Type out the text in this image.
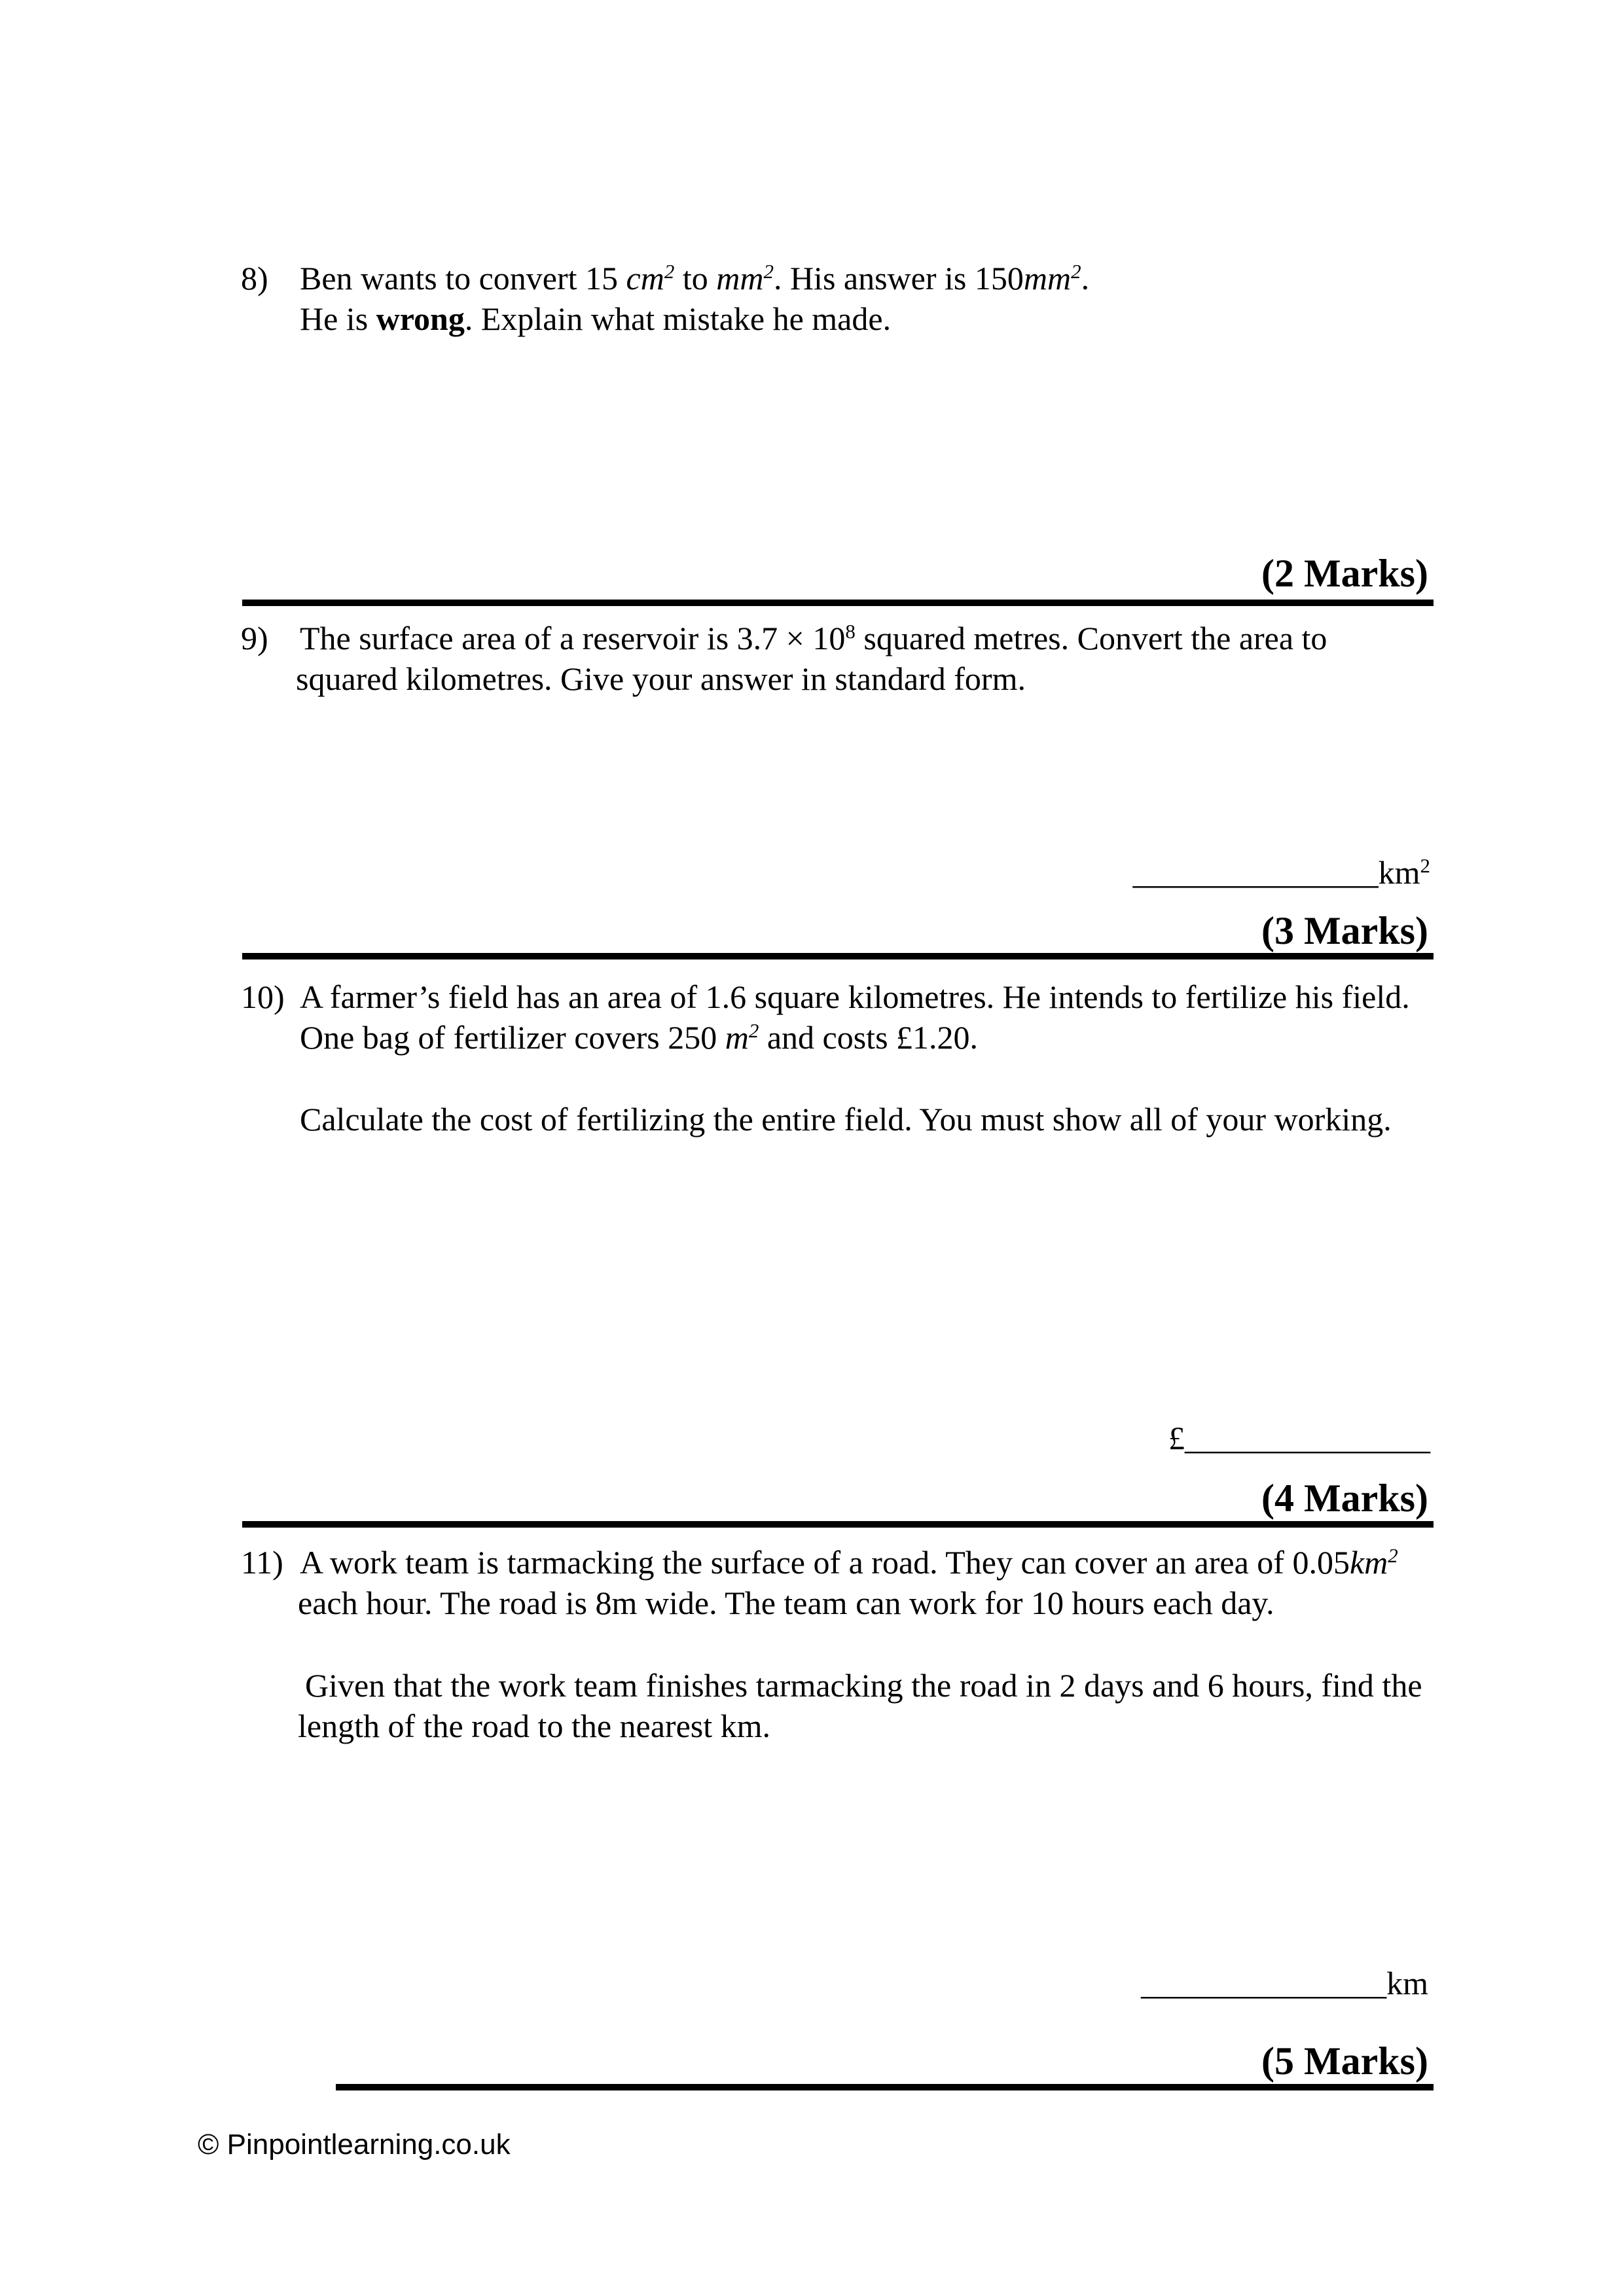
8) Ben wants to convert 15 $cm^2$ to $mm^2$. His answer is $150mm^2$.
He is wrong. Explain what mistake he made.
(2 Marks)
9) The surface area of a reservoir is $3.7 \times 10^8$ squared metres. Convert the area to
squared kilometres. Give your answer in standard form.
$\_\_\_\_\_\_\_\_\_\_\_\_\_\_\_km^2$
(3 Marks)
10) A farmer’s field has an area of 1.6 square kilometres. He intends to fertilize his field.
One bag of fertilizer covers 250 $m^2$ and costs £1.20.
Calculate the cost of fertilizing the entire field. You must show all of your working.
£_______________
(4 Marks)
11) A work team is tarmacking the surface of a road. They can cover an area of $0.05km^2$
each hour. The road is 8m wide. The team can work for 10 hours each day.
Given that the work team finishes tarmacking the road in 2 days and 6 hours, find the
length of the road to the nearest km.
_______________km
(5 Marks)
© Pinpointlearning.co.uk
